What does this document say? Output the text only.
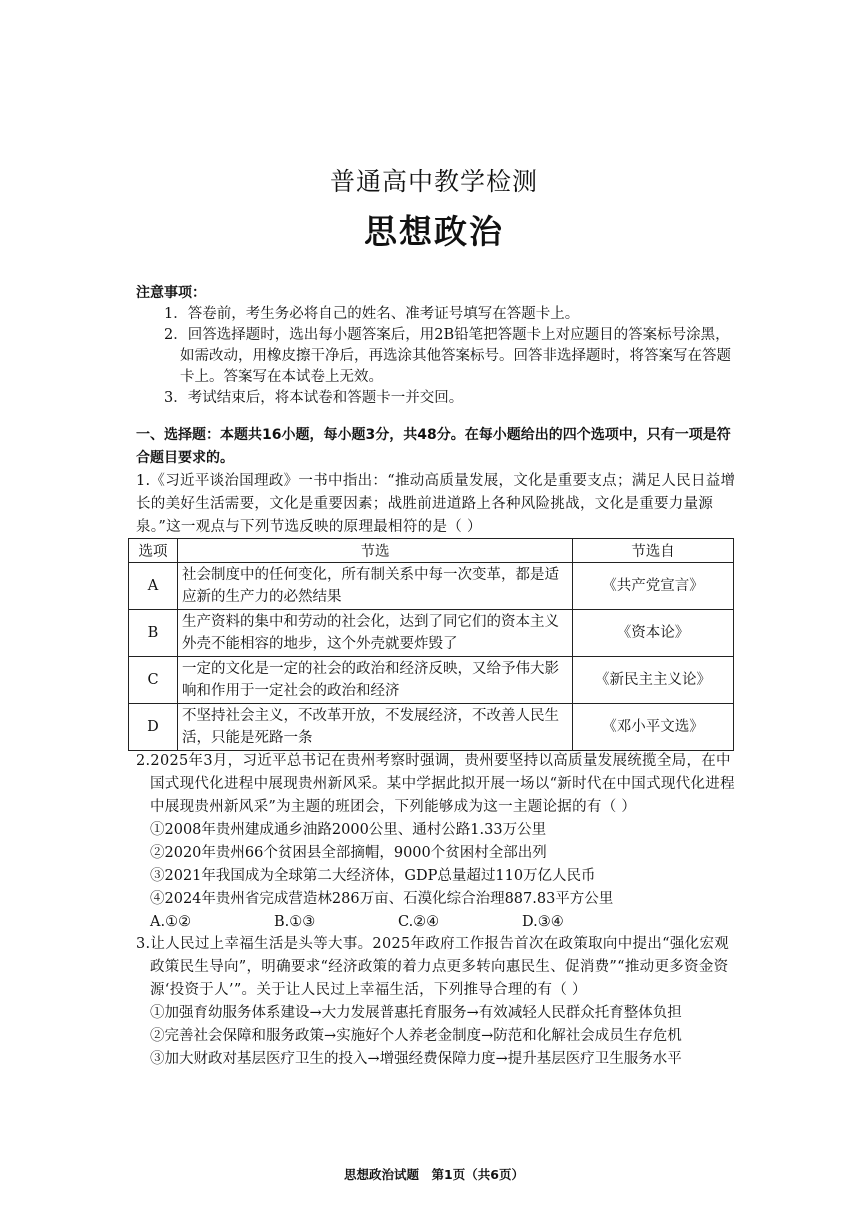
普通高中教学检测
思想政治
注意事项：
1．答卷前，考生务必将自己的姓名、准考证号填写在答题卡上。
2．回答选择题时，选出每小题答案后，用2B铅笔把答题卡上对应题目的答案标号涂黑，如需改动，用橡皮擦干净后，再选涂其他答案标号。回答非选择题时，将答案写在答题卡上。答案写在本试卷上无效。
3．考试结束后，将本试卷和答题卡一并交回。
一、选择题：本题共16小题，每小题3分，共48分。在每小题给出的四个选项中，只有一项是符合题目要求的。
1.《习近平谈治国理政》一书中指出：“推动高质量发展，文化是重要支点；满足人民日益增长的美好生活需要，文化是重要因素；战胜前进道路上各种风险挑战，文化是重要力量源泉。”这一观点与下列节选反映的原理最相符的是（ ）
选项	节选	节选自
A	社会制度中的任何变化，所有制关系中每一次变革，都是适应新的生产力的必然结果	《共产党宣言》
B	生产资料的集中和劳动的社会化，达到了同它们的资本主义外壳不能相容的地步，这个外壳就要炸毁了	《资本论》
C	一定的文化是一定的社会的政治和经济反映，又给予伟大影响和作用于一定社会的政治和经济	《新民主主义论》
D	不坚持社会主义，不改革开放，不发展经济，不改善人民生活，只能是死路一条	《邓小平文选》
2.2025年3月，习近平总书记在贵州考察时强调，贵州要坚持以高质量发展统揽全局，在中国式现代化进程中展现贵州新风采。某中学据此拟开展一场以“新时代在中国式现代化进程中展现贵州新风采”为主题的班团会，下列能够成为这一主题论据的有（ ）
①2008年贵州建成通乡油路2000公里、通村公路1.33万公里
②2020年贵州66个贫困县全部摘帽，9000个贫困村全部出列
③2021年我国成为全球第二大经济体，GDP总量超过110万亿人民币
④2024年贵州省完成营造林286万亩、石漠化综合治理887.83平方公里
A.①②	B.①③	C.②④	D.③④
3.让人民过上幸福生活是头等大事。2025年政府工作报告首次在政策取向中提出“强化宏观政策民生导向”，明确要求“经济政策的着力点更多转向惠民生、促消费”“推动更多资金资源‘投资于人’”。关于让人民过上幸福生活，下列推导合理的有（ ）
①加强育幼服务体系建设→大力发展普惠托育服务→有效减轻人民群众托育整体负担
②完善社会保障和服务政策→实施好个人养老金制度→防范和化解社会成员生存危机
③加大财政对基层医疗卫生的投入→增强经费保障力度→提升基层医疗卫生服务水平
思想政治试题　第1页（共6页）
